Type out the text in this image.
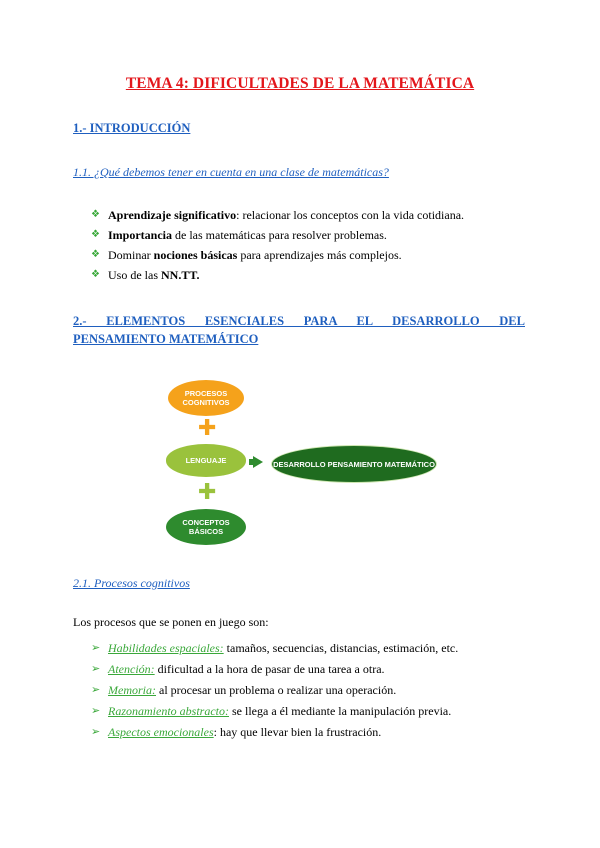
TEMA 4: DIFICULTADES DE LA MATEMÁTICA
1.- INTRODUCCIÓN
1.1. ¿Qué debemos tener en cuenta en una clase de matemáticas?
❖ Aprendizaje significativo : relacionar los conceptos con la vida cotidiana.
❖ Importancia de las matemáticas para resolver problemas.
❖ Dominar nociones básicas para aprendizajes más complejos.
❖ Uso de las NN.TT.
2.- ELEMENTOS ESENCIALES PARA EL DESARROLLO DEL
PENSAMIENTO MATEMÁTICO
PROCESOS COGNITIVOS
✚
LENGUAJE
✚
CONCEPTOS BÁSICOS
DESARROLLO PENSAMIENTO MATEMÁTICO
2.1. Procesos cognitivos
Los procesos que se ponen en juego son:
➢ Habilidades espaciales: tamaños, secuencias, distancias, estimación, etc.
➢ Atención: dificultad a la hora de pasar de una tarea a otra.
➢ Memoria: al procesar un problema o realizar una operación.
➢ Razonamiento abstracto: se llega a él mediante la manipulación previa.
➢ Aspectos emocionales : hay que llevar bien la frustración.
